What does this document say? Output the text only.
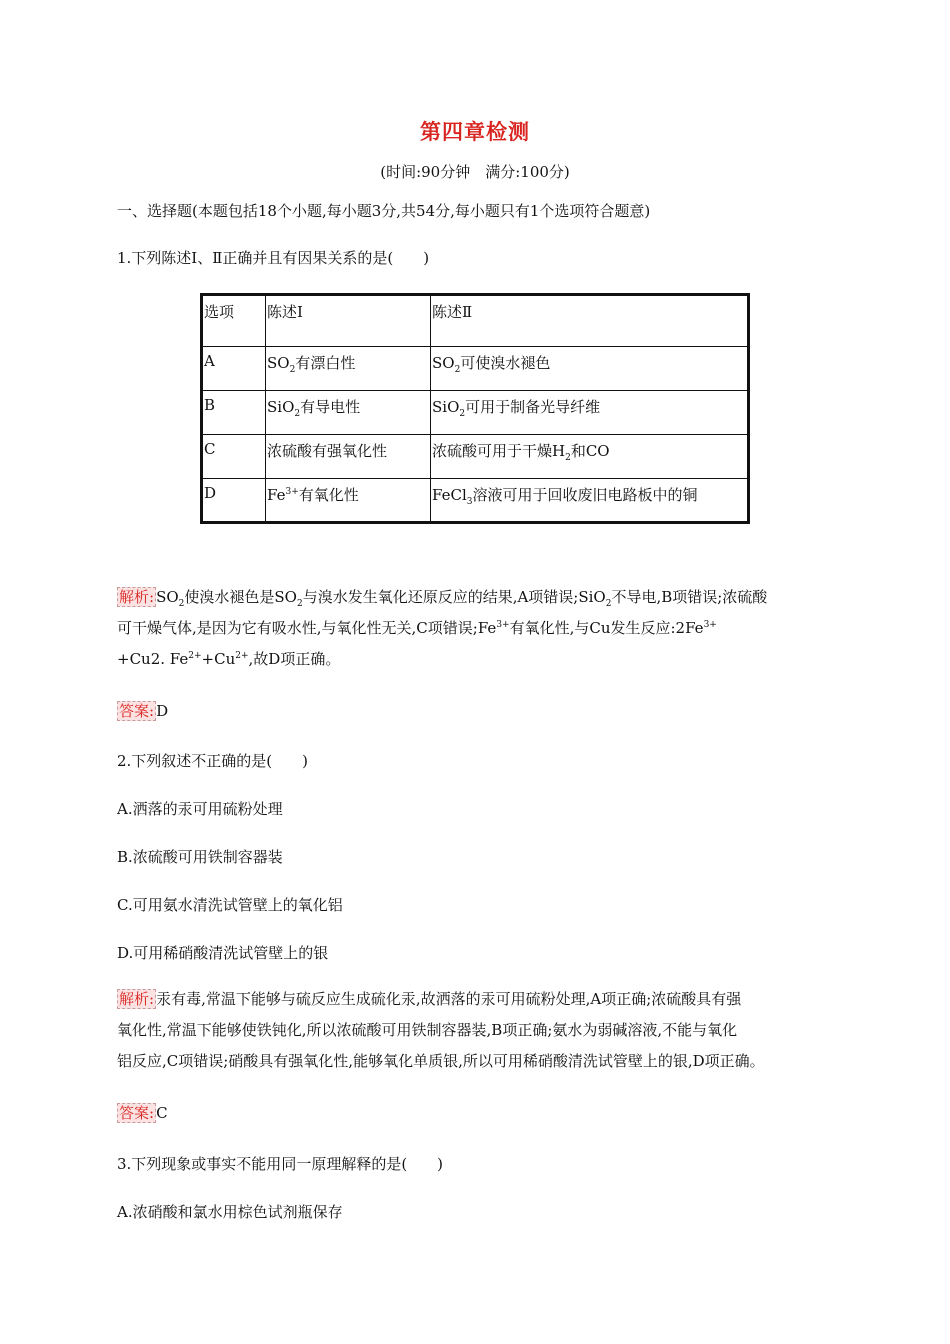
第四章检测
(时间:90分钟　满分:100分)
一、选择题(本题包括18个小题,每小题3分,共54分,每小题只有1个选项符合题意)
1.下列陈述Ⅰ、Ⅱ正确并且有因果关系的是(　　)
选项	陈述Ⅰ	陈述Ⅱ
A	$SO_2$有漂白性	$SO_2$可使溴水褪色
B	SiO$_2$有导电性	SiO$_2$可用于制备光导纤维
C	浓硫酸有强氧化性	浓硫酸可用于干燥$H_2$和CO
D	$Fe^{3+}$有氧化性	FeCl$_3$溶液可用于回收废旧电路板中的铜
解析: $SO_2$使溴水褪色是$SO_2$与溴水发生氧化还原反应的结果,A项错误;SiO$_2$不导电,B项错误;浓硫酸
可干燥气体,是因为它有吸水性,与氧化性无关,C项错误$;Fe^{3+}$有氧化性,与Cu发生反应$:2Fe^{3+}$
+Cu2. $Fe^{2+}+Cu^{2+}$,故D项正确。
答案: D
2.下列叙述不正确的是(　　)
A.洒落的汞可用硫粉处理
B.浓硫酸可用铁制容器装
C.可用氨水清洗试管壁上的氧化铝
D.可用稀硝酸清洗试管壁上的银
解析: 汞有毒,常温下能够与硫反应生成硫化汞,故洒落的汞可用硫粉处理,A项正确;浓硫酸具有强
氧化性,常温下能够使铁钝化,所以浓硫酸可用铁制容器装,B项正确;氨水为弱碱溶液,不能与氧化
铝反应,C项错误;硝酸具有强氧化性,能够氧化单质银,所以可用稀硝酸清洗试管壁上的银,D项正确。
答案: C
3.下列现象或事实不能用同一原理解释的是(　　)
A.浓硝酸和氯水用棕色试剂瓶保存
